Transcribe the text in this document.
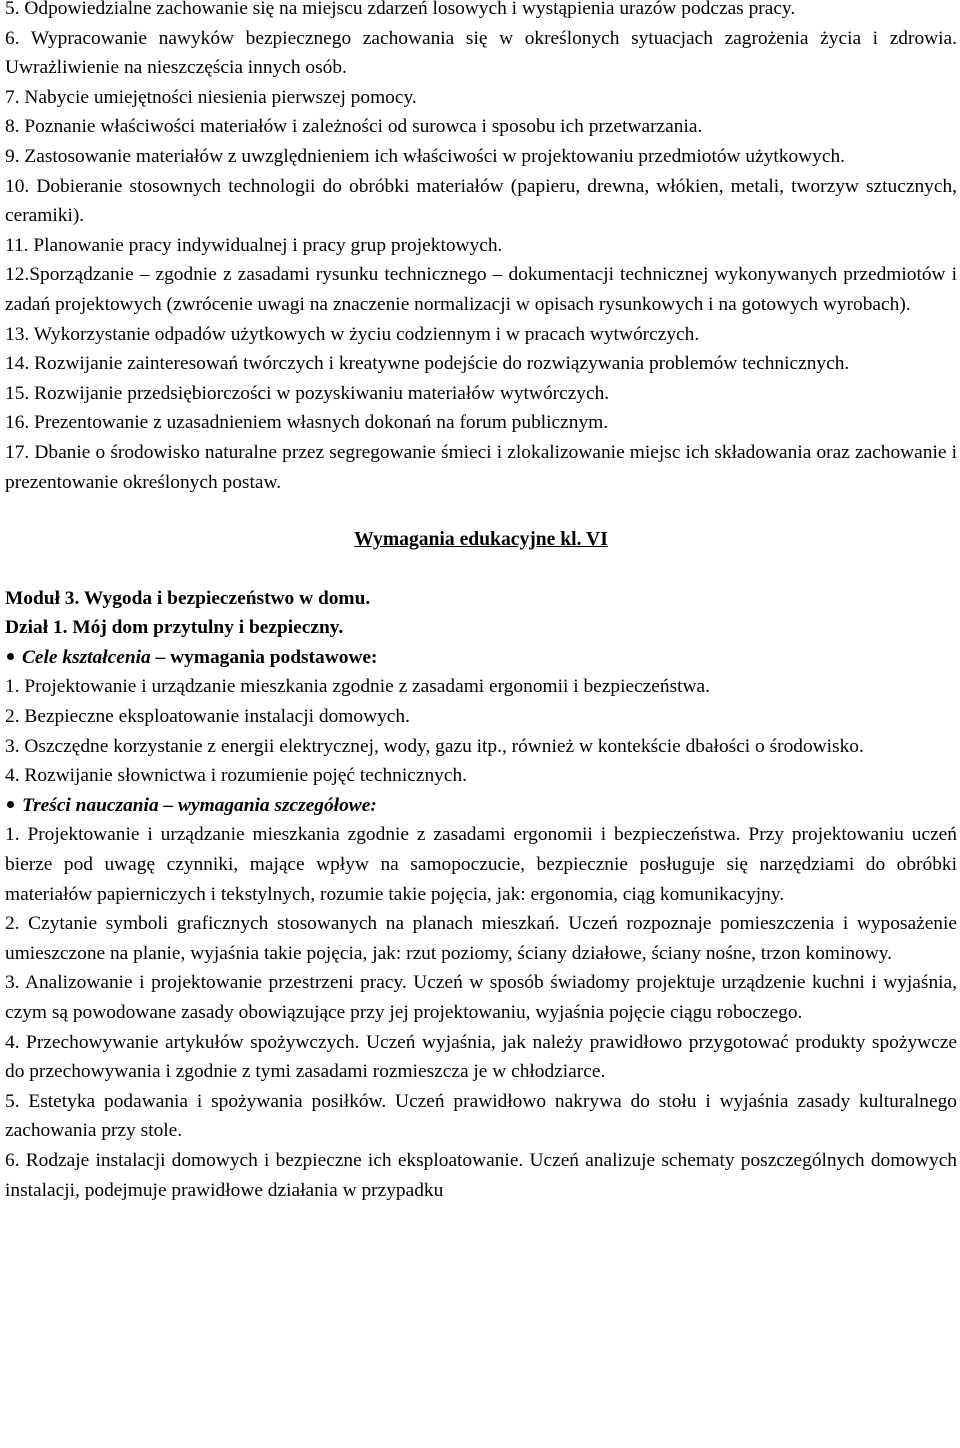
5. Odpowiedzialne zachowanie się na miejscu zdarzeń losowych i wystąpienia urazów podczas pracy.

6. Wypracowanie nawyków bezpiecznego zachowania się w określonych sytuacjach zagrożenia życia i zdrowia. Uwrażliwienie na nieszczęścia innych osób.

7. Nabycie umiejętności niesienia pierwszej pomocy.

8. Poznanie właściwości materiałów i zależności od surowca i sposobu ich przetwarzania.

9. Zastosowanie materiałów z uwzględnieniem ich właściwości w projektowaniu przedmiotów użytkowych.

10. Dobieranie stosownych technologii do obróbki materiałów (papieru, drewna, włókien, metali, tworzyw sztucznych, ceramiki).

11. Planowanie pracy indywidualnej i pracy grup projektowych.

12.Sporządzanie – zgodnie z zasadami rysunku technicznego – dokumentacji technicznej wykonywanych przedmiotów i zadań projektowych (zwrócenie uwagi na znaczenie normalizacji w opisach rysunkowych i na gotowych wyrobach).

13. Wykorzystanie odpadów użytkowych w życiu codziennym i w pracach wytwórczych.

14. Rozwijanie zainteresowań twórczych i kreatywne podejście do rozwiązywania problemów technicznych.

15. Rozwijanie przedsiębiorczości w pozyskiwaniu materiałów wytwórczych.

16. Prezentowanie z uzasadnieniem własnych dokonań na forum publicznym.

17. Dbanie o środowisko naturalne przez segregowanie śmieci i zlokalizowanie miejsc ich składowania oraz zachowanie i prezentowanie określonych postaw.

Wymagania edukacyjne kl. VI

Moduł 3. Wygoda i bezpieczeństwo w domu.

Dział 1. Mój dom przytulny i bezpieczny.

Cele kształcenia – wymagania podstawowe:

1. Projektowanie i urządzanie mieszkania zgodnie z zasadami ergonomii i bezpieczeństwa.

2. Bezpieczne eksploatowanie instalacji domowych.

3. Oszczędne korzystanie z energii elektrycznej, wody, gazu itp., również w kontekście dbałości o środowisko.

4. Rozwijanie słownictwa i rozumienie pojęć technicznych.

Treści nauczania – wymagania szczegółowe:

1. Projektowanie i urządzanie mieszkania zgodnie z zasadami ergonomii i bezpieczeństwa. Przy projektowaniu uczeń bierze pod uwagę czynniki, mające wpływ na samopoczucie, bezpiecznie posługuje się narzędziami do obróbki materiałów papierniczych i tekstylnych, rozumie takie pojęcia, jak: ergonomia, ciąg komunikacyjny.

2. Czytanie symboli graficznych stosowanych na planach mieszkań. Uczeń rozpoznaje pomieszczenia i wyposażenie umieszczone na planie, wyjaśnia takie pojęcia, jak: rzut poziomy, ściany działowe, ściany nośne, trzon kominowy.

3. Analizowanie i projektowanie przestrzeni pracy. Uczeń w sposób świadomy projektuje urządzenie kuchni i wyjaśnia, czym są powodowane zasady obowiązujące przy jej projektowaniu, wyjaśnia pojęcie ciągu roboczego.

4. Przechowywanie artykułów spożywczych. Uczeń wyjaśnia, jak należy prawidłowo przygotować produkty spożywcze do przechowywania i zgodnie z tymi zasadami rozmieszcza je w chłodziarce.

5. Estetyka podawania i spożywania posiłków. Uczeń prawidłowo nakrywa do stołu i wyjaśnia zasady kulturalnego zachowania przy stole.

6. Rodzaje instalacji domowych i bezpieczne ich eksploatowanie. Uczeń analizuje schematy poszczególnych domowych instalacji, podejmuje prawidłowe działania w przypadku
